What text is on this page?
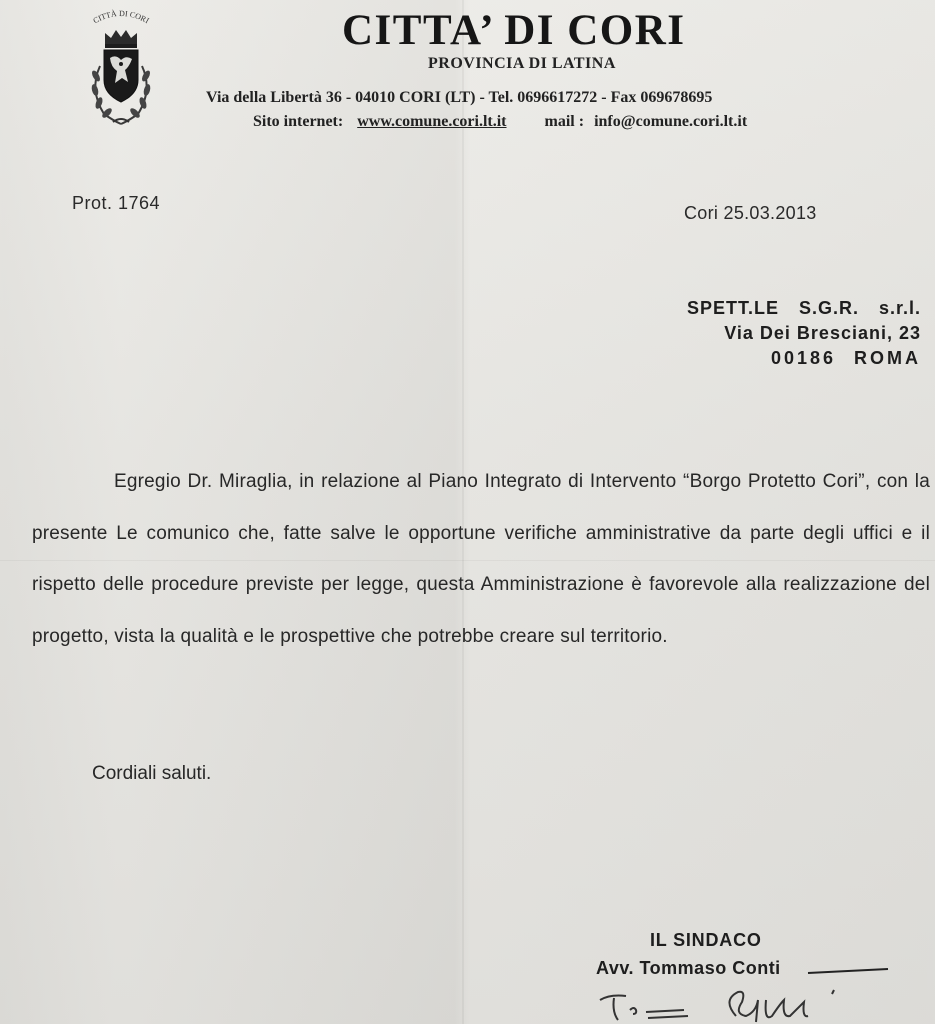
CITTÀ DI CORI	CITTA’ DI CORI
PROVINCIA DI LATINA
Via della Libertà 36 - 04010 CORI (LT) - Tel. 0696617272 - Fax 069678695
Sito internet: www.comune.cori.lt.it mail : info@comune.cori.lt.it
Prot. 1764	Cori 25.03.2013
SPETT.LE S.G.R. s.r.l.
Via Dei Bresciani, 23
00186 ROMA
Egregio Dr. Miraglia, in relazione al Piano Integrato di Intervento “Borgo Protetto Cori”, con la presente Le comunico che, fatte salve le opportune verifiche amministrative da parte degli uffici e il rispetto delle procedure previste per legge, questa Amministrazione è favorevole alla realizzazione del progetto, vista la qualità e le prospettive che potrebbe creare sul territorio.
Cordiali saluti.
IL SINDACO
Avv. Tommaso Conti
